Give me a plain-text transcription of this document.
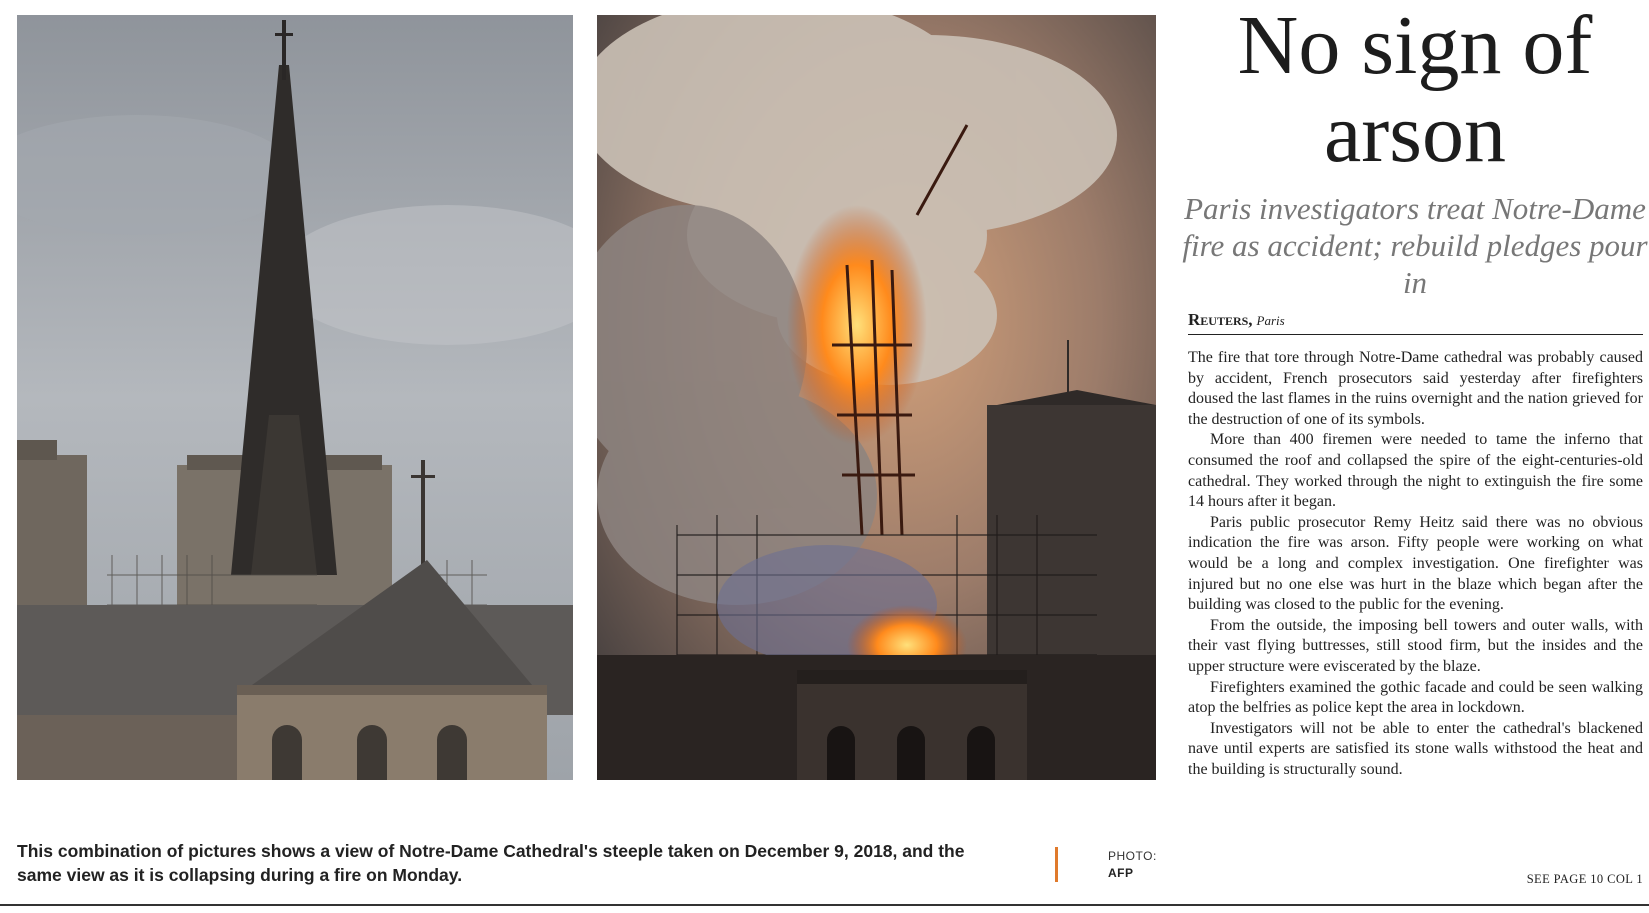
This combination of pictures shows a view of Notre-Dame Cathedral's steeple taken on December 9, 2018, and the same view as it is collapsing during a fire on Monday.

PHOTO:
AFP
No sign of arson

Paris investigators treat Notre-Dame fire as accident; rebuild pledges pour in

Reuters, Paris

The fire that tore through Notre-Dame cathedral was probably caused by accident, French prosecutors said yesterday after firefighters doused the last flames in the ruins overnight and the nation grieved for the destruction of one of its symbols.

More than 400 firemen were needed to tame the inferno that consumed the roof and collapsed the spire of the eight-centuries-old cathedral. They worked through the night to extinguish the fire some 14 hours after it began.

Paris public prosecutor Remy Heitz said there was no obvious indication the fire was arson. Fifty people were working on what would be a long and complex investigation. One firefighter was injured but no one else was hurt in the blaze which began after the building was closed to the public for the evening.

From the outside, the imposing bell towers and outer walls, with their vast flying buttresses, still stood firm, but the insides and the upper structure were eviscerated by the blaze.

Firefighters examined the gothic facade and could be seen walking atop the belfries as police kept the area in lockdown.

Investigators will not be able to enter the cathedral's blackened nave until experts are satisfied its stone walls withstood the heat and the building is structurally sound.

SEE PAGE 10 COL 1
